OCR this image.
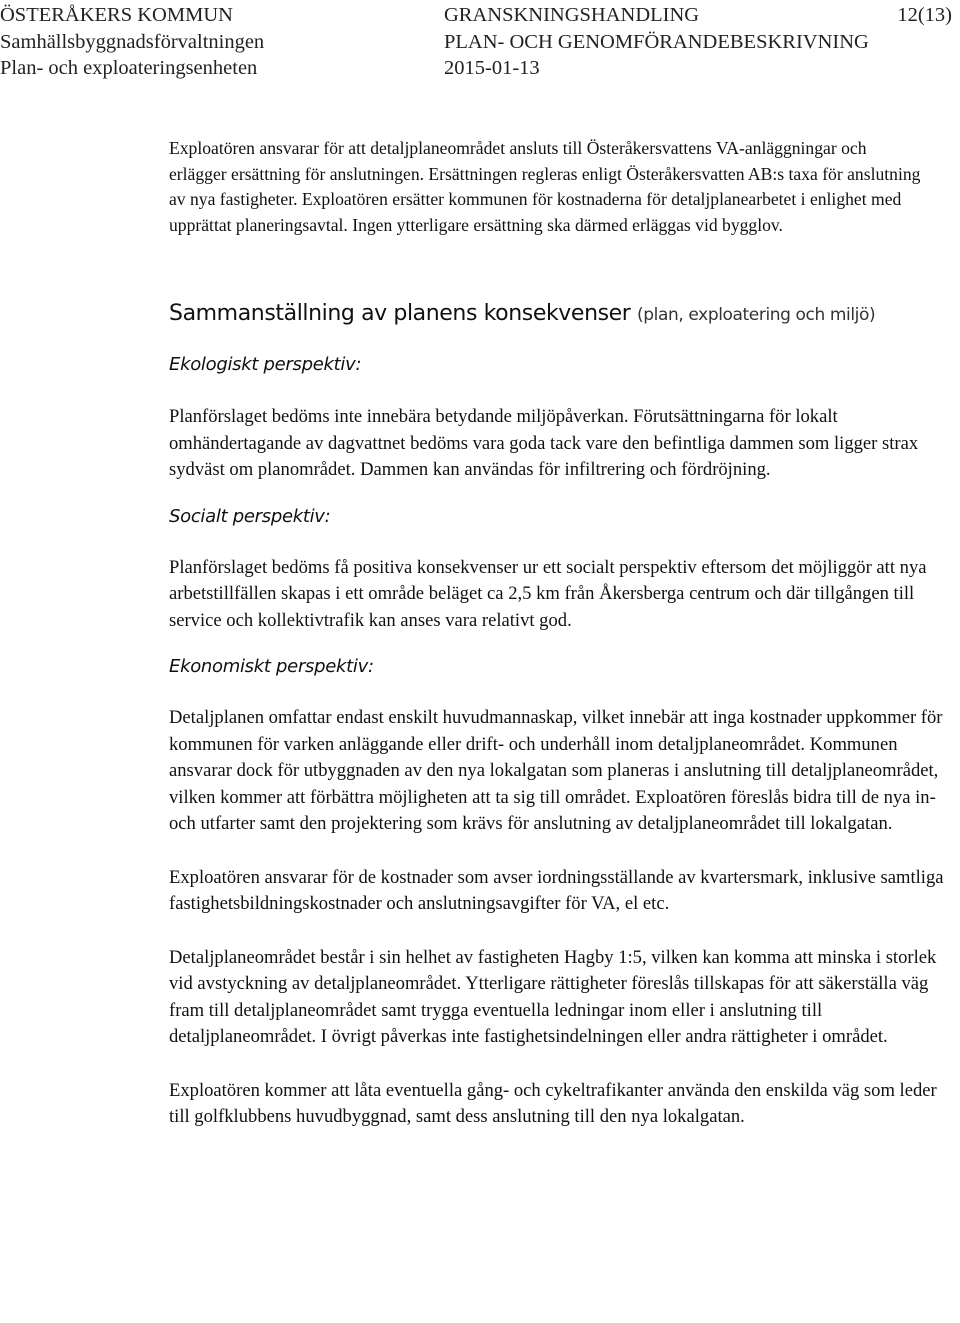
ÖSTERÅKERS KOMMUN
Samhällsbyggnadsförvaltningen
Plan- och exploateringsenheten
GRANSKNINGSHANDLING
PLAN- OCH GENOMFÖRANDEBESKRIVNING
2015-01-13
12(13)

Exploatören ansvarar för att detaljplaneområdet ansluts till Österåkersvattens VA-anläggningar och erlägger ersättning för anslutningen. Ersättningen regleras enligt Österåkersvatten AB:s taxa för anslutning av nya fastigheter. Exploatören ersätter kommunen för kostnaderna för detaljplanearbetet i enlighet med upprättat planeringsavtal. Ingen ytterligare ersättning ska därmed erläggas vid bygglov.

Sammanställning av planens konsekvenser (plan, exploatering och miljö)
Ekologiskt perspektiv:

Planförslaget bedöms inte innebära betydande miljöpåverkan. Förutsättningarna för lokalt omhändertagande av dagvattnet bedöms vara goda tack vare den befintliga dammen som ligger strax sydväst om planområdet. Dammen kan användas för infiltrering och fördröjning.

Socialt perspektiv:

Planförslaget bedöms få positiva konsekvenser ur ett socialt perspektiv eftersom det möjliggör att nya arbetstillfällen skapas i ett område beläget ca 2,5 km från Åkersberga centrum och där tillgången till service och kollektivtrafik kan anses vara relativt god.

Ekonomiskt perspektiv:

Detaljplanen omfattar endast enskilt huvudmannaskap, vilket innebär att inga kostnader uppkommer för kommunen för varken anläggande eller drift- och underhåll inom detaljplaneområdet. Kommunen ansvarar dock för utbyggnaden av den nya lokalgatan som planeras i anslutning till detaljplaneområdet, vilken kommer att förbättra möjligheten att ta sig till området. Exploatören föreslås bidra till de nya in- och utfarter samt den projektering som krävs för anslutning av detaljplaneområdet till lokalgatan.

Exploatören ansvarar för de kostnader som avser iordningsställande av kvartersmark, inklusive samtliga fastighetsbildningskostnader och anslutningsavgifter för VA, el etc.

Detaljplaneområdet består i sin helhet av fastigheten Hagby 1:5, vilken kan komma att minska i storlek vid avstyckning av detaljplaneområdet. Ytterligare rättigheter föreslås tillskapas för att säkerställa väg fram till detaljplaneområdet samt trygga eventuella ledningar inom eller i anslutning till detaljplaneområdet. I övrigt påverkas inte fastighetsindelningen eller andra rättigheter i området.

Exploatören kommer att låta eventuella gång- och cykeltrafikanter använda den enskilda väg som leder till golfklubbens huvudbyggnad, samt dess anslutning till den nya lokalgatan.
